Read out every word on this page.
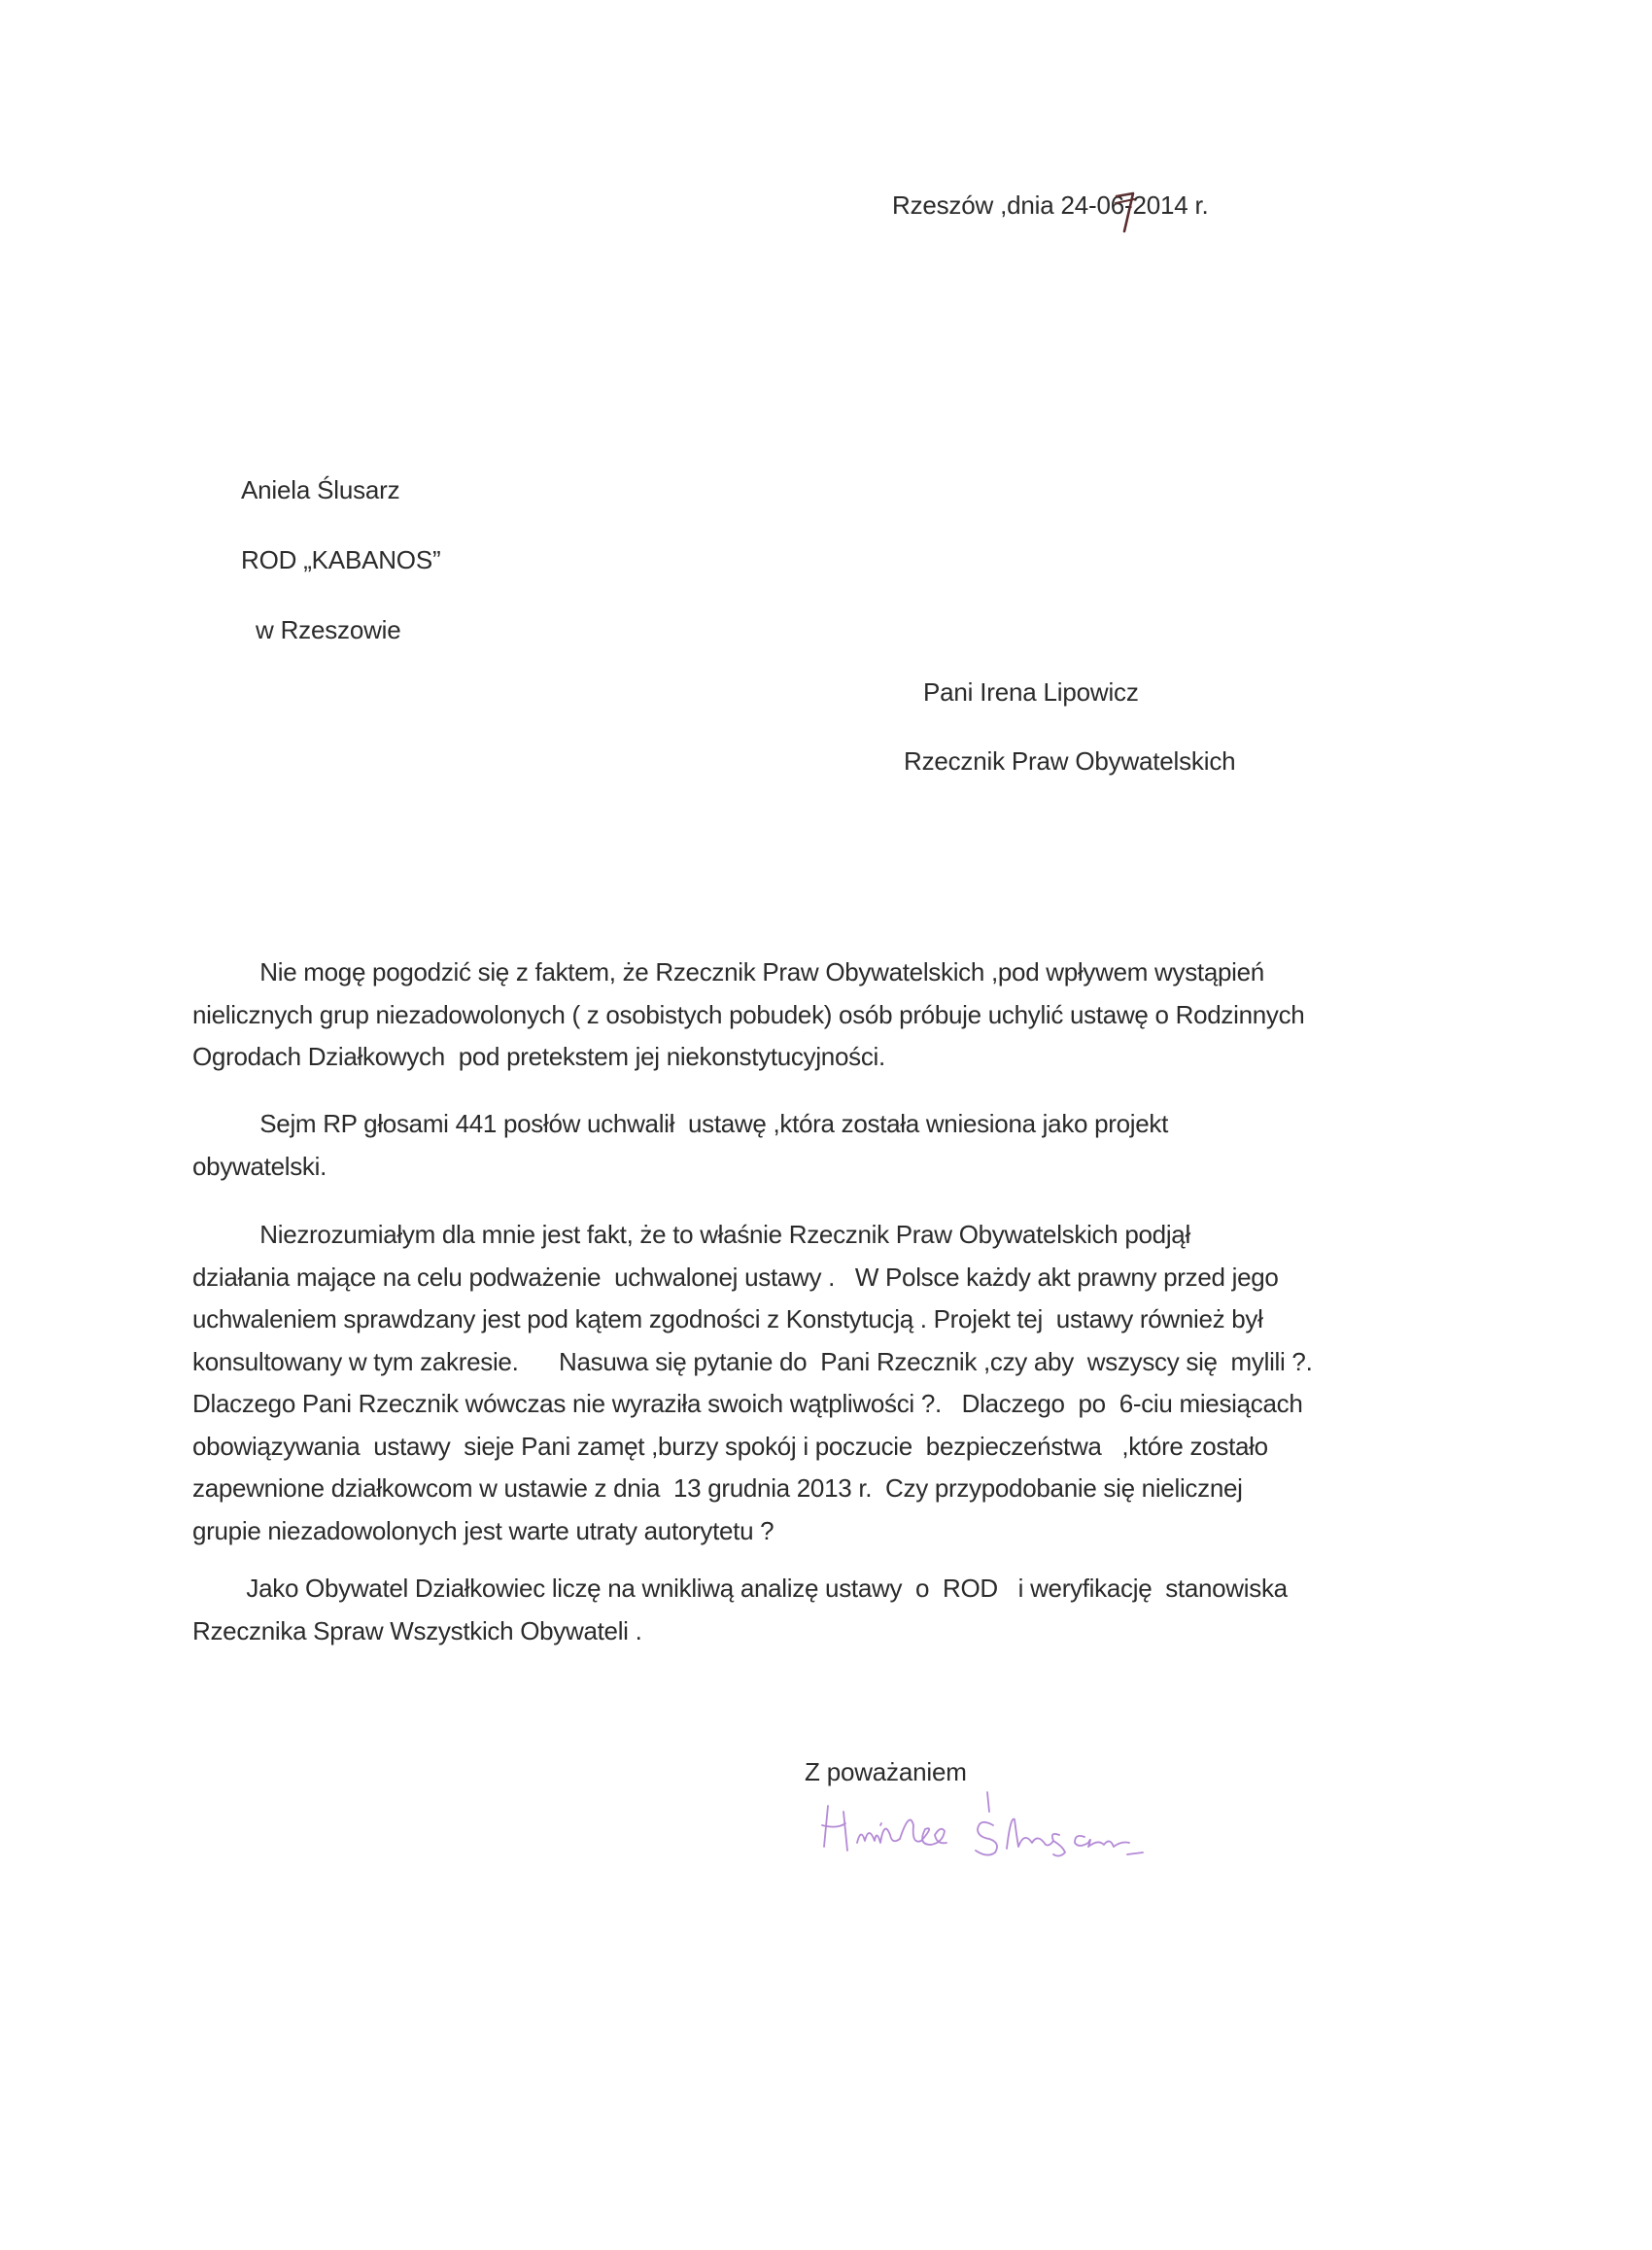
Rzeszów ,dnia 24-06
-2014 r.
Aniela Ślusarz
ROD „KABANOS”
w Rzeszowie
Pani Irena Lipowicz
Rzecznik Praw Obywatelskich
Nie mogę pogodzić się z faktem, że Rzecznik Praw Obywatelskich ,pod wpływem wystąpień
nielicznych grup niezadowolonych ( z osobistych pobudek) osób próbuje uchylić ustawę o Rodzinnych
Ogrodach Działkowych  pod pretekstem jej niekonstytucyjności.
Sejm RP głosami 441 posłów uchwalił  ustawę ,która została wniesiona jako projekt
obywatelski.
Niezrozumiałym dla mnie jest fakt, że to właśnie Rzecznik Praw Obywatelskich podjął
działania mające na celu podważenie  uchwalonej ustawy .   W Polsce każdy akt prawny przed jego
uchwaleniem sprawdzany jest pod kątem zgodności z Konstytucją . Projekt tej  ustawy również był
konsultowany w tym zakresie.      Nasuwa się pytanie do  Pani Rzecznik ,czy aby  wszyscy się  mylili ?.
Dlaczego Pani Rzecznik wówczas nie wyraziła swoich wątpliwości ?.   Dlaczego  po  6-ciu miesiącach
obowiązywania  ustawy  sieje Pani zamęt ,burzy spokój i poczucie  bezpieczeństwa   ,które zostało
zapewnione działkowcom w ustawie z dnia  13 grudnia 2013 r.  Czy przypodobanie się nielicznej
grupie niezadowolonych jest warte utraty autorytetu ?
Jako Obywatel Działkowiec liczę na wnikliwą analizę ustawy  o  ROD   i weryfikację  stanowiska
Rzecznika Spraw Wszystkich Obywateli .
Z poważaniem
